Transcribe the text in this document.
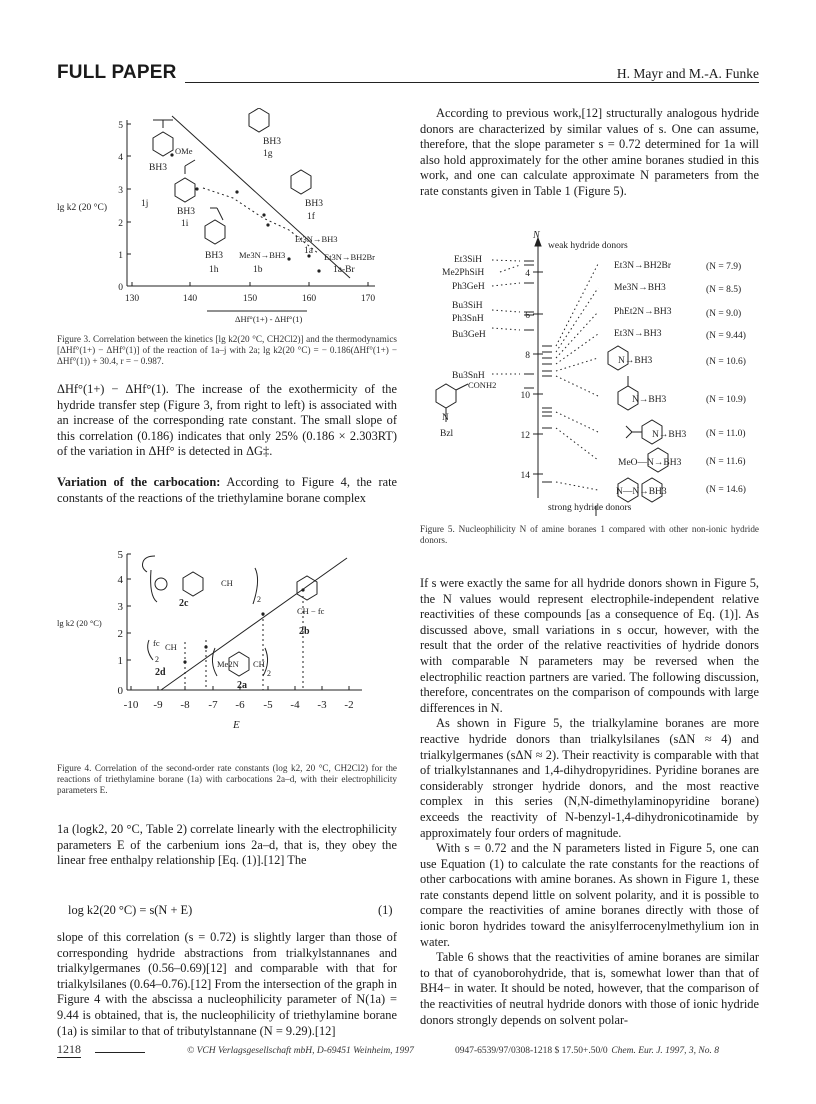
FULL PAPER	H. Mayr and M.-A. Funke
5
4
3
2
1
0
130	140	150	160	170
lg k2 (20 °C)
ΔHf°(1+) - ΔHf°(1)
1j
BH3
OMe
BH3
1i
BH3
1g
BH3
1f
BH3
1h
Me3N→BH3
1b
Et3N→BH3
1a
Et3N→BH2Br
1a-Br
Figure 3. Correlation between the kinetics [lg k2(20 °C, CH2Cl2)] and the thermodynamics [ΔHf°(1+) − ΔHf°(1)] of the reaction of 1a–j with 2a; lg k2(20 °C) = − 0.186(ΔHf°(1+) − ΔHf°(1)) + 30.4, r = − 0.987.

ΔHf°(1+) − ΔHf°(1). The increase of the exothermicity of the hydride transfer step (Figure 3, from right to left) is associated with an increase of the corresponding rate constant. The small slope of this correlation (0.186) indicates that only 25% (0.186 × 2.303RT) of the variation in ΔHf° is detected in ΔG‡.

Variation of the carbocation: According to Figure 4, the rate constants of the reactions of the triethylamine borane complex

5
4
3
2
1
0
-10 -9 -8 -7 -6 -5 -4 -3 -2
E
lg k2 (20 °C)
2c
CH
2
CH − fc
2b
fc CH
2
2d
Me2N CH
2
2a
Figure 4. Correlation of the second-order rate constants (log k2, 20 °C, CH2Cl2) for the reactions of triethylamine borane (1a) with carbocations 2a–d, with their electrophilicity parameters E.

1a (logk2, 20 °C, Table 2) correlate linearly with the electrophilicity parameters E of the carbenium ions 2a–d, that is, they obey the linear free enthalpy relationship [Eq. (1)].[12] The

log k2(20 °C) = s(N + E)	(1)

slope of this correlation (s = 0.72) is slightly larger than those of corresponding hydride abstractions from trialkylstannanes and trialkylgermanes (0.56–0.69)[12] and comparable with that for trialkylsilanes (0.64–0.76).[12] From the intersection of the graph in Figure 4 with the abscissa a nucleophilicity parameter of N(1a) = 9.44 is obtained, that is, the nucleophilicity of triethylamine borane (1a) is similar to that of tributylstannane (N = 9.29).[12]

According to previous work,[12] structurally analogous hydride donors are characterized by similar values of s. One can assume, therefore, that the slope parameter s = 0.72 determined for 1a will also hold approximately for the other amine boranes studied in this work, and one can calculate approximate N parameters from the rate constants given in Table 1 (Figure 5).

N
weak hydride donors
4
6
8
10
12
14
Et3SiH
Me2PhSiH
Ph3GeH
Bu3SiH
Ph3SnH
Bu3GeH
Bu3SnH
CONH2
N
Bzl
Et3N→BH2Br	(N = 7.9)
Me3N→BH3	(N = 8.5)
PhEt2N→BH3	(N = 9.0)
Et3N→BH3	(N = 9.44)
N→BH3	(N = 10.6)
N→BH3	(N = 10.9)
N→BH3 (N = 11.0)
MeO—N→BH3	(N = 11.6)
N—N→BH3	(N = 14.6)
strong hydride donors
Figure 5. Nucleophilicity N of amine boranes 1 compared with other non-ionic hydride donors.

If s were exactly the same for all hydride donors shown in Figure 5, the N values would represent electrophile-independent relative reactivities of these compounds [as a consequence of Eq. (1)]. As discussed above, small variations in s occur, however, with the result that the order of the relative reactivities of hydride donors with comparable N parameters may be reversed when the electrophilic reaction partners are varied. The following discussion, therefore, concentrates on the comparison of compounds with large differences in N.

As shown in Figure 5, the trialkylamine boranes are more reactive hydride donors than trialkylsilanes (sΔN ≈ 4) and trialkylgermanes (sΔN ≈ 2). Their reactivity is comparable with that of trialkylstannanes and 1,4-dihydropyridines. Pyridine boranes are considerably stronger hydride donors, and the most reactive complex in this series (N,N-dimethylaminopyridine borane) exceeds the reactivity of N-benzyl-1,4-dihydronicotinamide by approximately four orders of magnitude.

With s = 0.72 and the N parameters listed in Figure 5, one can use Equation (1) to calculate the rate constants for the reactions of other carbocations with amine boranes. As shown in Figure 1, these rate constants depend little on solvent polarity, and it is possible to compare the reactivities of amine boranes directly with those of ionic boron hydrides toward the anisylferrocenylmethylium ion in water.

Table 6 shows that the reactivities of amine boranes are similar to that of cyanoborohydride, that is, somewhat lower than that of BH4− in water. It should be noted, however, that the comparison of the reactivities of neutral hydride donors with those of ionic hydride donors strongly depends on solvent polar-

1218	© VCH Verlagsgesellschaft mbH, D-69451 Weinheim, 1997	0947-6539/97/0308-1218 $ 17.50+.50/0 Chem. Eur. J. 1997, 3, No. 8
